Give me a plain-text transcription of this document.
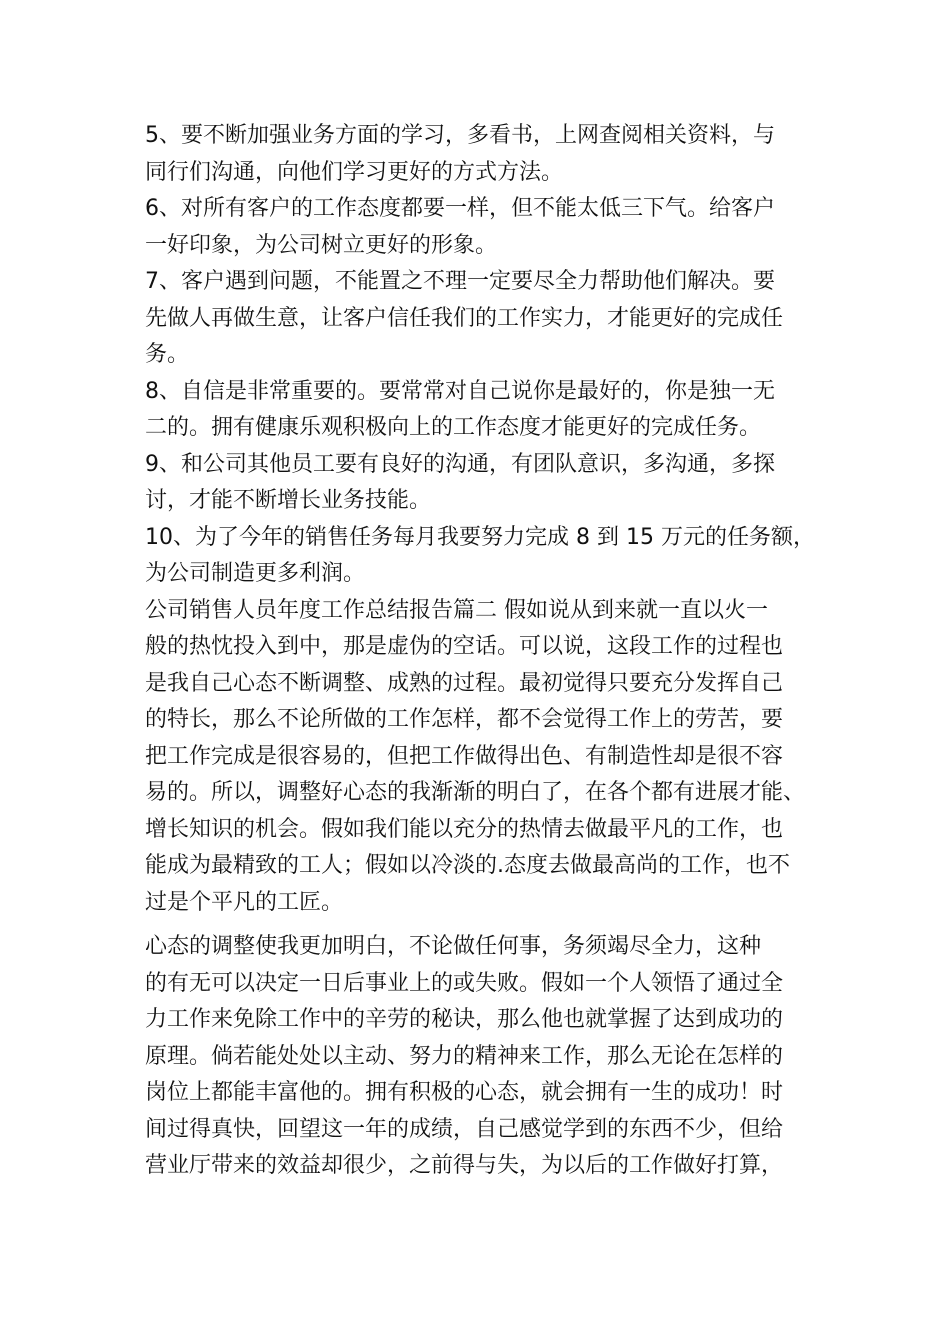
5、要不断加强业务方面的学习，多看书，上网查阅相关资料，与
同行们沟通，向他们学习更好的方式方法。
6、对所有客户的工作态度都要一样，但不能太低三下气。给客户
一好印象，为公司树立更好的形象。
7、客户遇到问题，不能置之不理一定要尽全力帮助他们解决。要
先做人再做生意，让客户信任我们的工作实力，才能更好的完成任
务。
8、自信是非常重要的。要常常对自己说你是最好的，你是独一无
二的。拥有健康乐观积极向上的工作态度才能更好的完成任务。
9、和公司其他员工要有良好的沟通，有团队意识，多沟通，多探
讨，才能不断增长业务技能。
10、为了今年的销售任务每月我要努力完成 8 到 15 万元的任务额，
为公司制造更多利润。
公司销售人员年度工作总结报告篇二 假如说从到来就一直以火一
般的热忱投入到中，那是虚伪的空话。可以说，这段工作的过程也
是我自己心态不断调整、成熟的过程。最初觉得只要充分发挥自己
的特长，那么不论所做的工作怎样，都不会觉得工作上的劳苦，要
把工作完成是很容易的，但把工作做得出色、有制造性却是很不容
易的。所以，调整好心态的我渐渐的明白了，在各个都有进展才能、
增长知识的机会。假如我们能以充分的热情去做最平凡的工作，也
能成为最精致的工人；假如以冷淡的.态度去做最高尚的工作，也不
过是个平凡的工匠。
心态的调整使我更加明白，不论做任何事，务须竭尽全力，这种
的有无可以决定一日后事业上的或失败。假如一个人领悟了通过全
力工作来免除工作中的辛劳的秘诀，那么他也就掌握了达到成功的
原理。倘若能处处以主动、努力的精神来工作，那么无论在怎样的
岗位上都能丰富他的。拥有积极的心态，就会拥有一生的成功！时
间过得真快，回望这一年的成绩，自己感觉学到的东西不少，但给
营业厅带来的效益却很少，之前得与失，为以后的工作做好打算，
